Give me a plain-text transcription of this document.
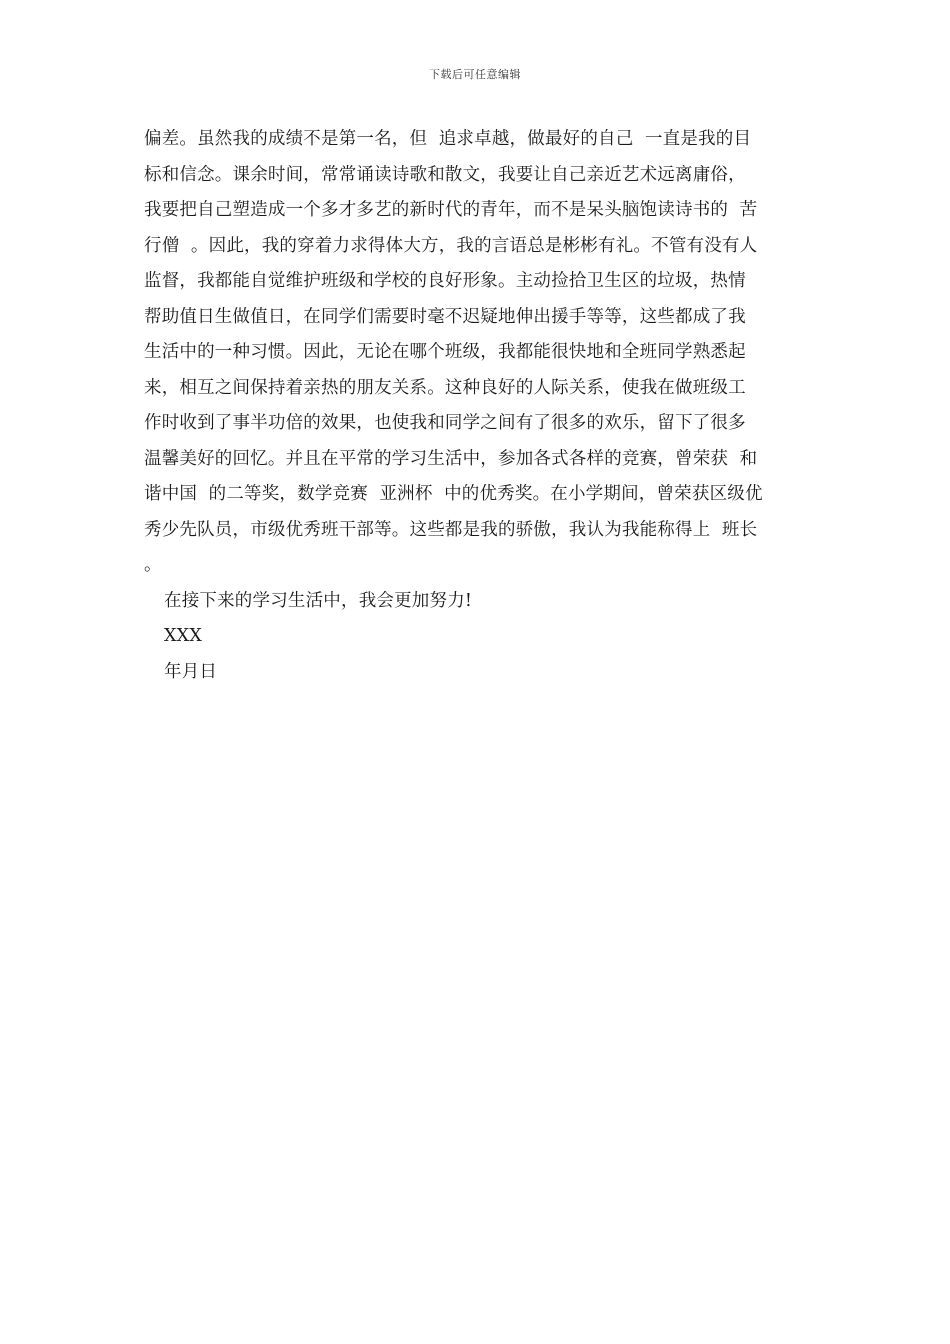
下载后可任意编辑
偏差。虽然我的成绩不是第一名，但  追求卓越，做最好的自己  一直是我的目
标和信念。课余时间，常常诵读诗歌和散文，我要让自己亲近艺术远离庸俗，
我要把自己塑造成一个多才多艺的新时代的青年，而不是呆头脑饱读诗书的  苦
行僧  。因此，我的穿着力求得体大方，我的言语总是彬彬有礼。不管有没有人
监督，我都能自觉维护班级和学校的良好形象。主动捡拾卫生区的垃圾，热情
帮助值日生做值日，在同学们需要时毫不迟疑地伸出援手等等，这些都成了我
生活中的一种习惯。因此，无论在哪个班级，我都能很快地和全班同学熟悉起
来，相互之间保持着亲热的朋友关系。这种良好的人际关系，使我在做班级工
作时收到了事半功倍的效果，也使我和同学之间有了很多的欢乐，留下了很多
温馨美好的回忆。并且在平常的学习生活中，参加各式各样的竞赛，曾荣获  和
谐中国  的二等奖，数学竞赛  亚洲杯  中的优秀奖。在小学期间，曾荣获区级优
秀少先队员，市级优秀班干部等。这些都是我的骄傲，我认为我能称得上  班长
。
在接下来的学习生活中，我会更加努力!
XXX
年月日
